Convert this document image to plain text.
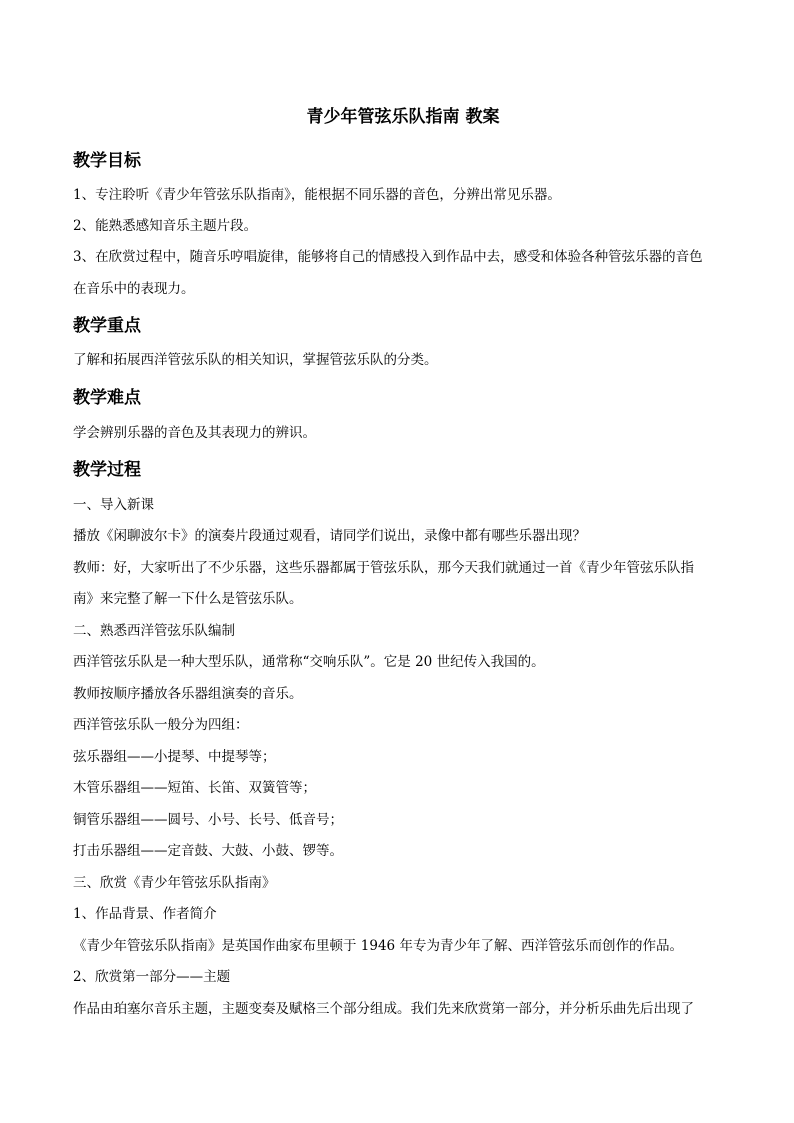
青少年管弦乐队指南 教案
教学目标
1、专注聆听《青少年管弦乐队指南》，能根据不同乐器的音色，分辨出常见乐器。
2、能熟悉感知音乐主题片段。
3、在欣赏过程中，随音乐哼唱旋律，能够将自己的情感投入到作品中去，感受和体验各种管弦乐器的音色
在音乐中的表现力。
教学重点
了解和拓展西洋管弦乐队的相关知识，掌握管弦乐队的分类。
教学难点
学会辨别乐器的音色及其表现力的辨识。
教学过程
一、导入新课
播放《闲聊波尔卡》的演奏片段通过观看，请同学们说出，录像中都有哪些乐器出现？
教师：好，大家听出了不少乐器，这些乐器都属于管弦乐队，那今天我们就通过一首《青少年管弦乐队指
南》来完整了解一下什么是管弦乐队。
二、熟悉西洋管弦乐队编制
西洋管弦乐队是一种大型乐队，通常称“交响乐队”。它是 20 世纪传入我国的。
教师按顺序播放各乐器组演奏的音乐。
西洋管弦乐队一般分为四组：
弦乐器组——小提琴、中提琴等；
木管乐器组——短笛、长笛、双簧管等；
铜管乐器组——圆号、小号、长号、低音号；
打击乐器组——定音鼓、大鼓、小鼓、锣等。
三、欣赏《青少年管弦乐队指南》
1、作品背景、作者简介
《青少年管弦乐队指南》是英国作曲家布里顿于 1946 年专为青少年了解、西洋管弦乐而创作的作品。
2、欣赏第一部分——主题
作品由珀塞尔音乐主题，主题变奏及赋格三个部分组成。我们先来欣赏第一部分，并分析乐曲先后出现了
